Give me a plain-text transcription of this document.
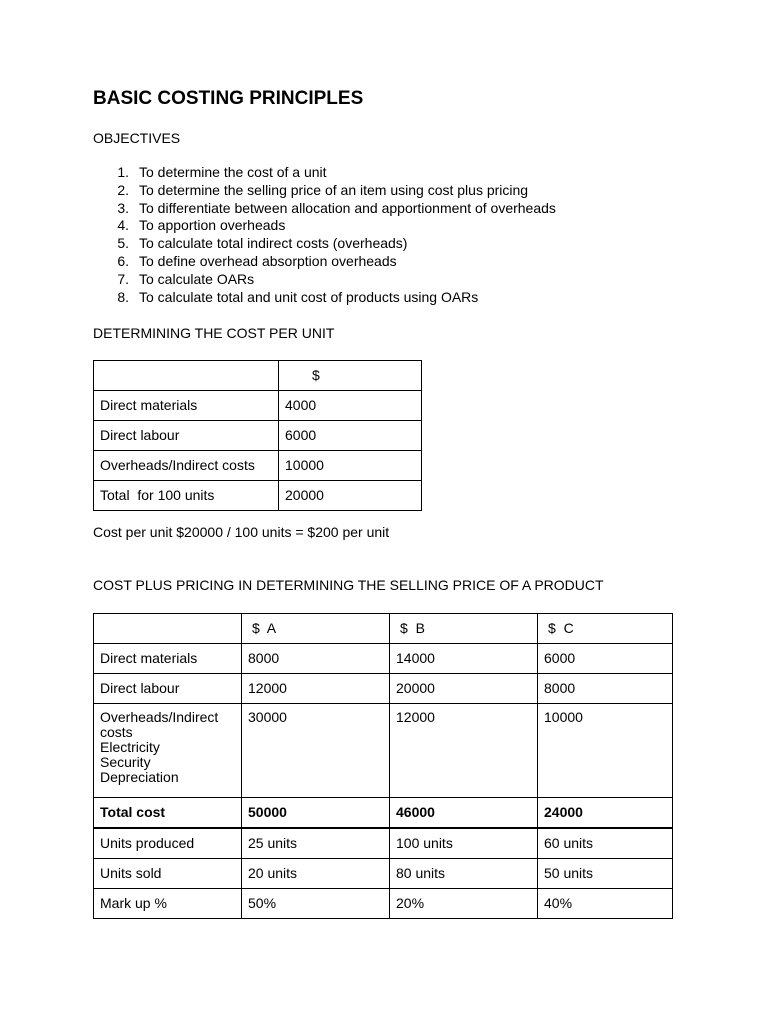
BASIC COSTING PRINCIPLES

OBJECTIVES

1. To determine the cost of a unit
2. To determine the selling price of an item using cost plus pricing
3. To differentiate between allocation and apportionment of overheads
4. To apportion overheads
5. To calculate total indirect costs (overheads)
6. To define overhead absorption overheads
7. To calculate OARs
8. To calculate total and unit cost of products using OARs

DETERMINING THE COST PER UNIT

	$
Direct materials	4000
Direct labour	6000
Overheads/Indirect costs	10000
Total  for 100 units	20000

Cost per unit $20000 / 100 units = $200 per unit

COST PLUS PRICING IN DETERMINING THE SELLING PRICE OF A PRODUCT

	$  A	$  B	$  C
Direct materials	8000	14000	6000
Direct labour	12000	20000	8000

Overheads/Indirect costs
Electricity
Security
Depreciation	30000	12000	10000
Total cost	50000	46000	24000
Units produced	25 units	100 units	60 units
Units sold	20 units	80 units	50 units
Mark up %	50%	20%	40%
